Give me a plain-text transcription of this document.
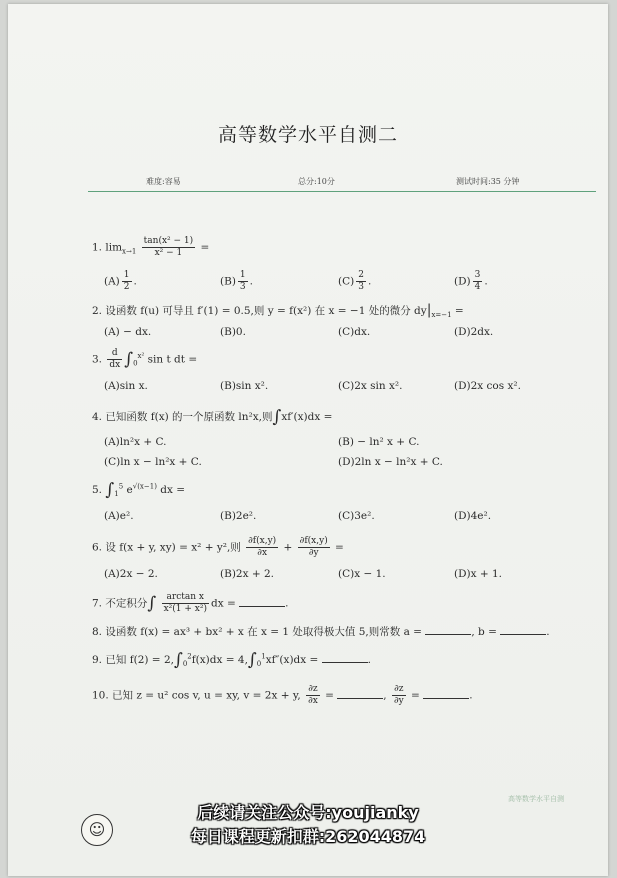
高等数学水平自测二
难度:容易	总分:10分	测试时间:35 分钟
1. $\lim_{x\to 1} \frac{\text{tan(x² − 1)}}{\text{x² − 1}}$ =
$(A) \frac{1}{2}$ .	$(B) \frac{1}{3}$ .	$(C) \frac{2}{3}$ .	$(D) \frac{3}{4}$ .
2. 设函数 f(u) 可导且 f′(1) = 0.5,则 y = f(x²) 在 x = −1 处的微分 $dy|_{x=-1}$ =
(A) − dx.	(B)0.	(C)dx.	(D)2dx.
3. $\frac{d}{dx} \int_0^{x^2}$ sin t dt =
(A)sin x.	(B)sin x².	(C)2x sin x².	(D)2x cos x².
4. 已知函数 f(x) 的一个原函数 ln²x,则∫xf′(x)dx =
(A)ln²x + C.	(B) − ln² x + C.
(C)ln x − ln²x + C.	(D)2ln x − ln²x + C.
5. $\int_1^5$ $e^{√(x-1)}$ dx =
(A)e².	(B)2e².	(C)3e².	(D)4e².
6. 设 f(x + y, xy) = x² + y²,则 $\frac{\partial f(x,y)}{\partial x} + \frac{\partial f(x,y)}{\partial y}$ =
(A)2x − 2.	(B)2x + 2.	(C)x − 1.	(D)x + 1.
7. 不定积分∫ $\frac{\text{arctan x}}{\text{x²(1 + x²)}}$ dx =	.
8. 设函数 f(x) = ax³ + bx² + x 在 x = 1 处取得极大值 5,则常数 a =	, b =	.
9. 已知 $f(2) = 2,\int_0^2f(x)dx = 4,\int_0^1xf''(x)dx$ =	.
10. 已知 z = u² cos v, u = xy, v = 2x + y, $\frac{\partial z}{\partial x}$ =	, $\frac{\partial z}{\partial y}$ =	.
高等数学水平自测
☺
后续请关注公众号:youjianky
每日课程更新扣群:262044874
